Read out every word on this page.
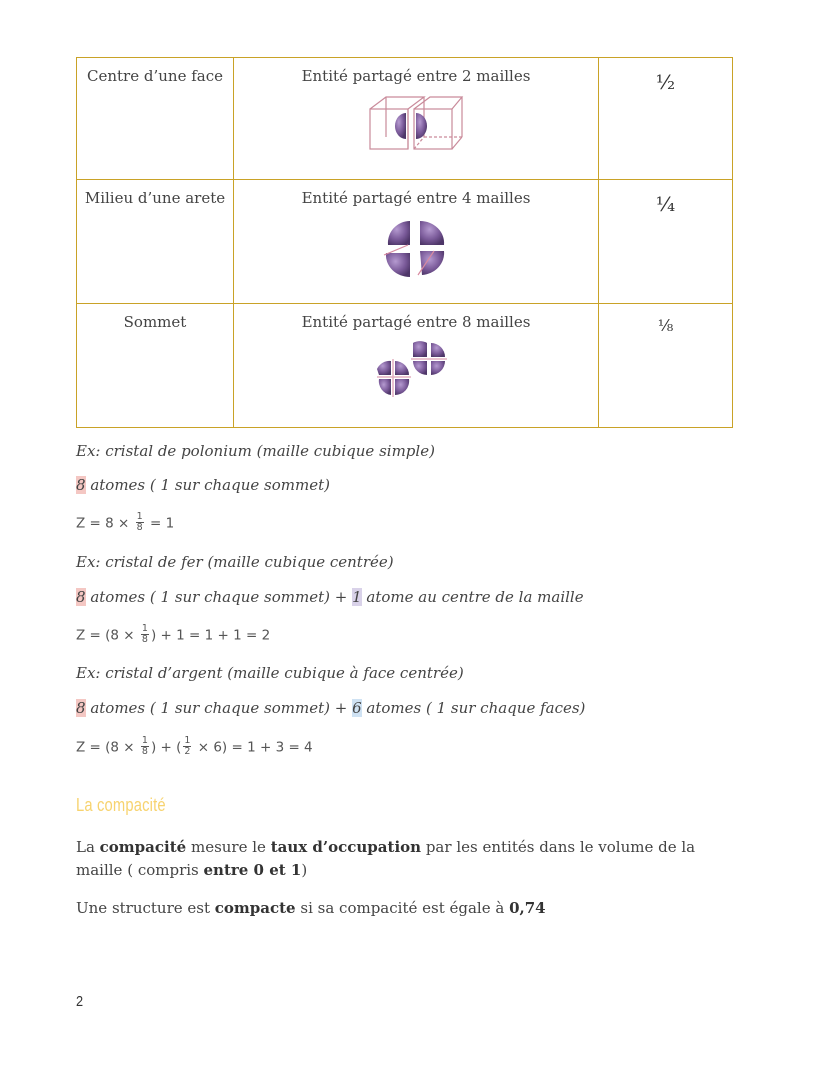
Centre d’une face	Entité partagé entre 2 mailles	½

Milieu d’une arete	Entité partagé entre 4 mailles	¼

Sommet	Entité partagé entre 8 mailles	⅛
Ex: cristal de polonium (maille cubique simple)
8 atomes ( 1 sur chaque sommet)
$Z = 8 \times \frac{1}{8} = 1$
Ex: cristal de fer (maille cubique centrée)
8 atomes ( 1 sur chaque sommet) + 1 atome au centre de la maille
$Z = (8 \times \frac{1}{8}$ ) + 1 = 1 + 1 = 2
Ex: cristal d’argent (maille cubique à face centrée)
8 atomes ( 1 sur chaque sommet) + 6 atomes ( 1 sur chaque faces)
$Z = (8 \times \frac{1}{8}$ ) + ( $\frac{1}{2} \times 6) = 1 + 3 = 4$
La compacité
La compacité mesure le taux d’occupation par les entités dans le volume de la maille ( compris entre 0 et 1)
Une structure est compacte si sa compacité est égale à 0,74
2
